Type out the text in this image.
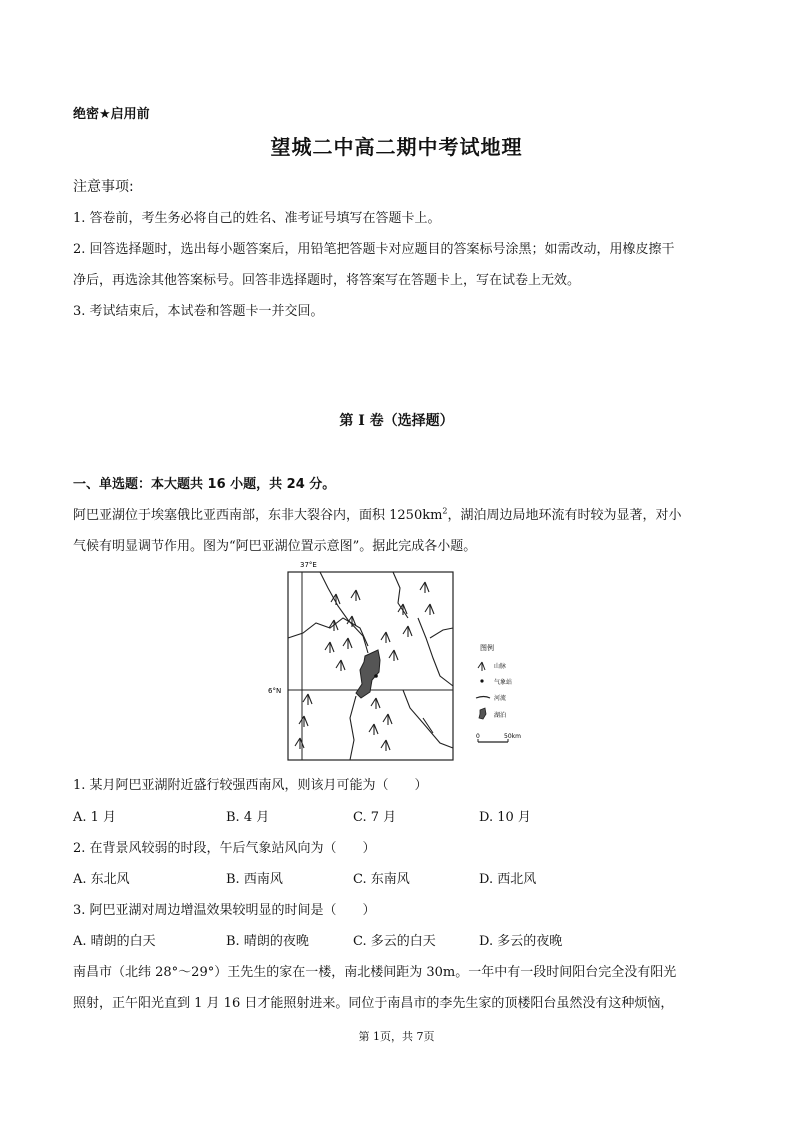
绝密★启用前
望城二中高二期中考试地理
注意事项:
1. 答卷前，考生务必将自己的姓名、准考证号填写在答题卡上。
2. 回答选择题时，选出每小题答案后，用铅笔把答题卡对应题目的答案标号涂黑；如需改动，用橡皮擦干
净后，再选涂其他答案标号。回答非选择题时，将答案写在答题卡上，写在试卷上无效。
3. 考试结束后，本试卷和答题卡一并交回。
第 I 卷（选择题）
一、单选题：本大题共 16 小题，共 24 分。
阿巴亚湖位于埃塞俄比亚西南部，东非大裂谷内，面积 $1250km^2$，湖泊周边局地环流有时较为显著，对小
气候有明显调节作用。图为“阿巴亚湖位置示意图”。据此完成各小题。
37°E
6°N
图例
山脉
气象站
河流
湖泊
0	50km
1. 某月阿巴亚湖附近盛行较强西南风，则该月可能为（　　）
A. 1 月	B. 4 月	C. 7 月	D. 10 月
2. 在背景风较弱的时段，午后气象站风向为（　　）
A. 东北风	B. 西南风	C. 东南风	D. 西北风
3. 阿巴亚湖对周边增温效果较明显的时间是（　　）
A. 晴朗的白天	B. 晴朗的夜晚	C. 多云的白天	D. 多云的夜晚
南昌市（北纬 28°～29°）王先生的家在一楼，南北楼间距为 30m。一年中有一段时间阳台完全没有阳光
照射，正午阳光直到 1 月 16 日才能照射进来。同位于南昌市的李先生家的顶楼阳台虽然没有这种烦恼，
第 1页，共 7页
